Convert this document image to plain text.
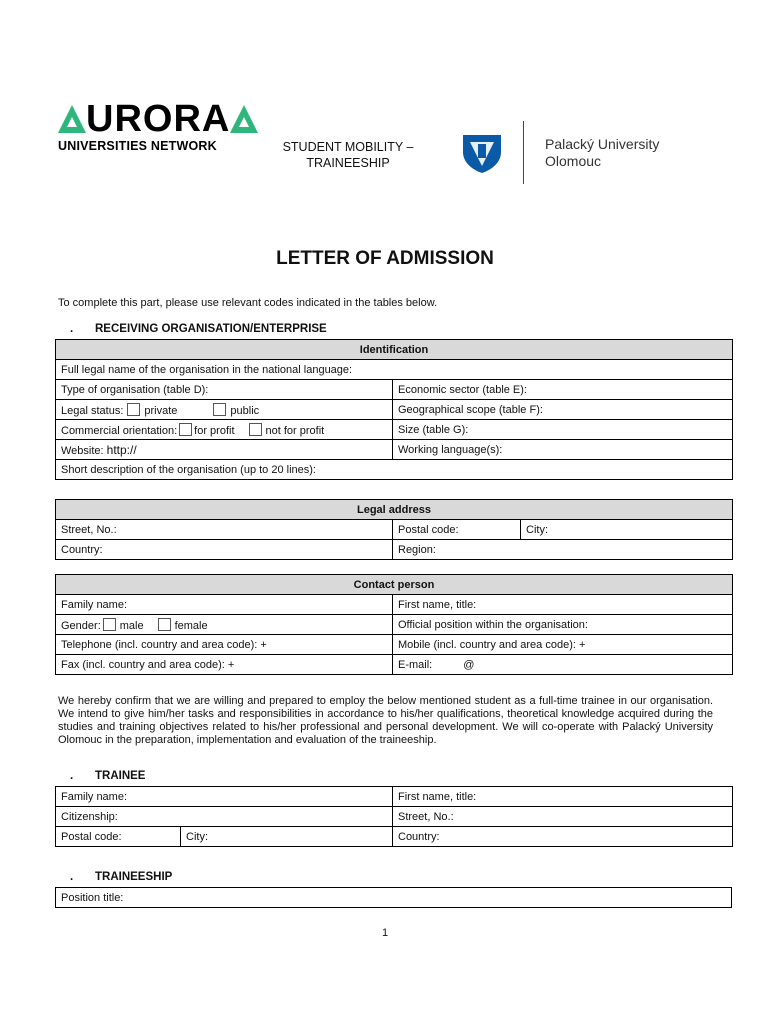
URORA
UNIVERSITIES NETWORK	STUDENT MOBILITY –
TRAINEESHIP
Palacký University
Olomouc
LETTER OF ADMISSION
To complete this part, please use relevant codes indicated in the tables below.
. RECEIVING ORGANISATION/ENTERPRISE
Identification	
Full legal name of the organisation in the national language:	
Type of organisation (table D):	Economic sector (table E):
Legal status: private public	Geographical scope (table F):
Commercial orientation: for profit not for profit	Size (table G):
Website: http://	Working language(s):
Short description of the organisation (up to 20 lines):	
Legal address		
Street, No.:	Postal code:	City:
Country:	Region:	
Contact person	
Family name:	First name, title:
Gender: male female	Official position within the organisation:
Telephone (incl. country and area code): +	Mobile (incl. country and area code): +
Fax (incl. country and area code): +	E-mail: @
We hereby confirm that we are willing and prepared to employ the below mentioned student as a full-time trainee in our organisation. We intend to give him/her tasks and responsibilities in accordance to his/her qualifications, theoretical knowledge acquired during the studies and training objectives related to his/her professional and personal development. We will co-operate with Palacký University Olomouc in the preparation, implementation and evaluation of the traineeship.
. TRAINEE
Family name:		First name, title:
Citizenship:		Street, No.:
Postal code:	City:	Country:
. TRAINEESHIP
Position title:
1
